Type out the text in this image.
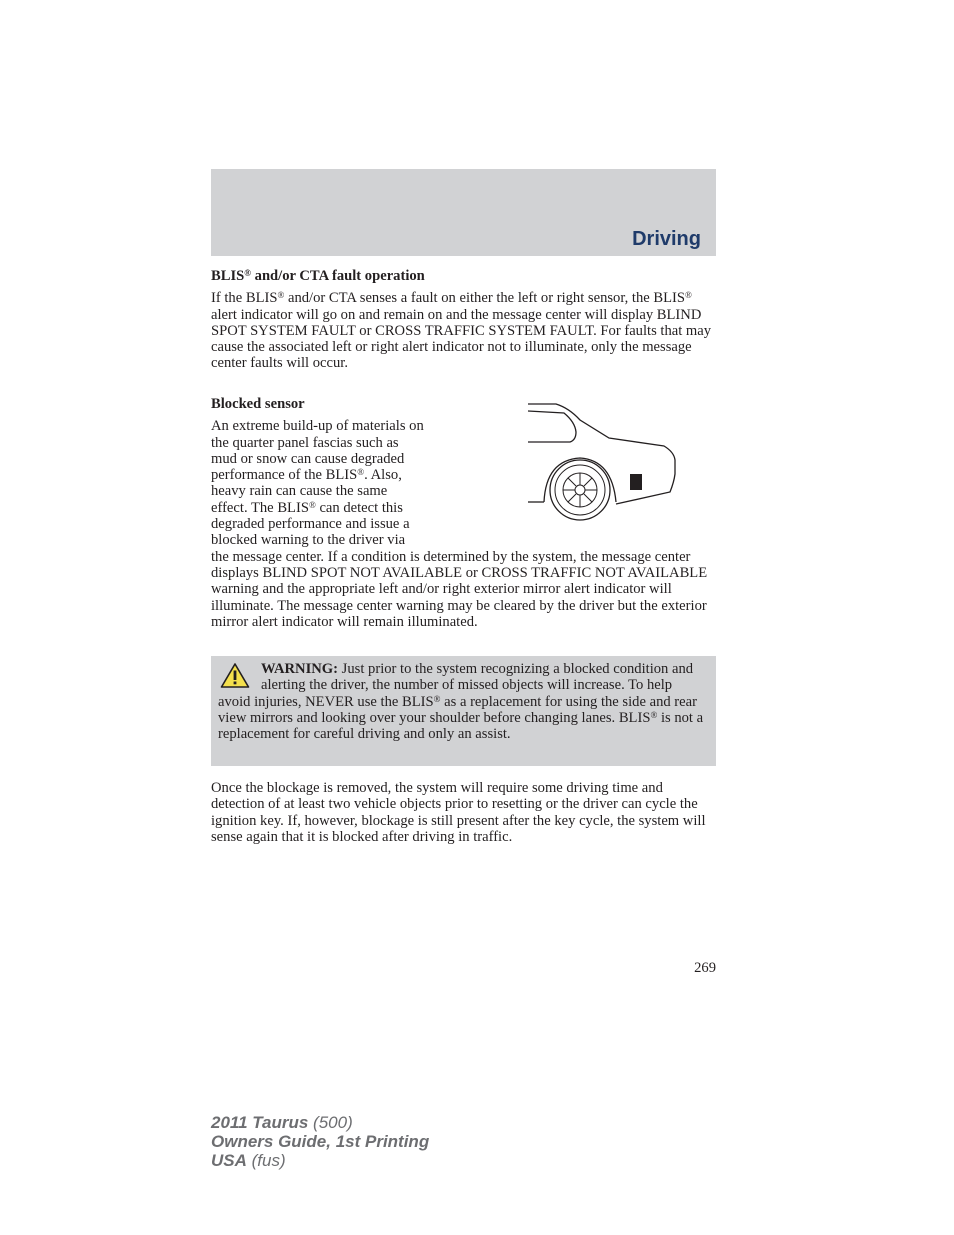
Driving

BLIS® and/or CTA fault operation

If the BLIS® and/or CTA senses a fault on either the left or right sensor, the BLIS® alert indicator will go on and remain on and the message center will display BLIND SPOT SYSTEM FAULT or CROSS TRAFFIC SYSTEM FAULT. For faults that may cause the associated left or right alert indicator not to illuminate, only the message center faults will occur.

Blocked sensor

An extreme build-up of materials on
the quarter panel fascias such as
mud or snow can cause degraded
performance of the BLIS®. Also,
heavy rain can cause the same
effect. The BLIS® can detect this
degraded performance and issue a
blocked warning to the driver via

the message center. If a condition is determined by the system, the message center displays BLIND SPOT NOT AVAILABLE or CROSS TRAFFIC NOT AVAILABLE warning and the appropriate left and/or right exterior mirror alert indicator will illuminate. The message center warning may be cleared by the driver but the exterior mirror alert indicator will remain illuminated.

WARNING: Just prior to the system recognizing a blocked condition and alerting the driver, the number of missed objects will increase. To help avoid injuries, NEVER use the BLIS® as a replacement for using the side and rear view mirrors and looking over your shoulder before changing lanes. BLIS® is not a replacement for careful driving and only an assist.

Once the blockage is removed, the system will require some driving time and detection of at least two vehicle objects prior to resetting or the driver can cycle the ignition key. If, however, blockage is still present after the key cycle, the system will sense again that it is blocked after driving in traffic.

269
2011 Taurus (500)
Owners Guide, 1st Printing
USA (fus)
